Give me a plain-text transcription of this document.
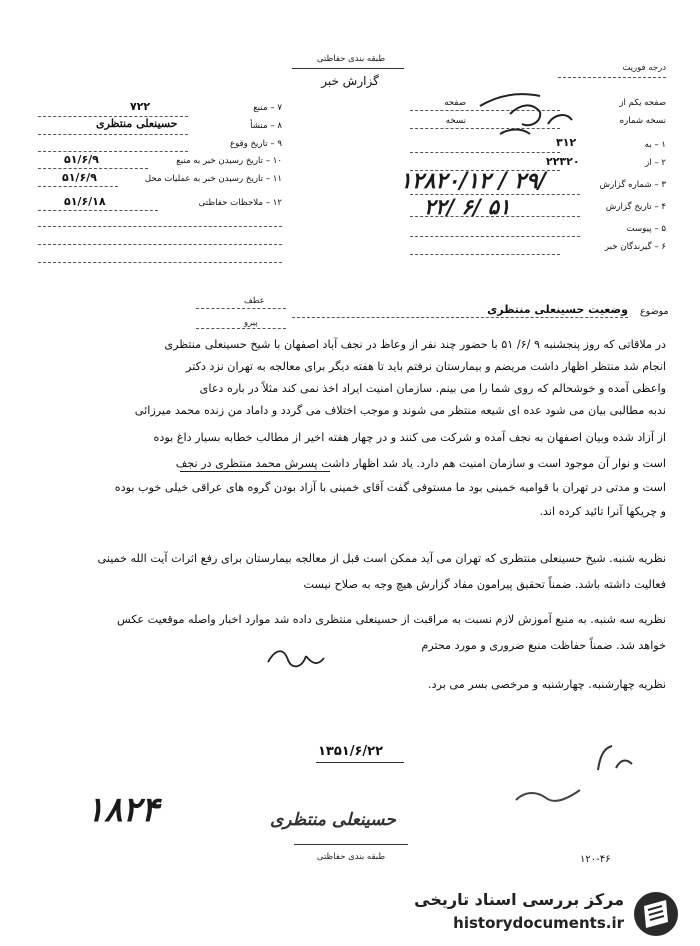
طبقه بندی حفاظتی
گزارش خبر
درجه فوریت
۷ – منبع
۷۲۲
۸ – منشأ
حسینعلی منتظری
۹ – تاریخ وقوع
۱۰ – تاریخ رسیدن خبر به منبع
۵۱/۶/۹
۱۱ – تاریخ رسیدن خبر به عملیات محل
۵۱/۶/۹
۱۲ – ملاحظات حفاظتی
۵۱/۶/۱۸
صفحه یکم از
صفحه
نسخه شماره
نسخه
۱ – به
۳۱۲
۲ – از
۲۲۳۲۰
۳ – شماره گزارش
۱۲۸۲۰/۱۲ / ۲۹/
۴ – تاریخ گزارش
۲۲/ ۶/ ۵۱
۵ – پیوست
۶ – گیرندگان خبر
موضوع
وضعیت حسینعلی منتظری
عطف
پیرو
در ملاقاتی که روز پنجشنبه ۹ /۶/ ۵۱ با حضور چند نفر از وعاظ در نجف آباد اصفهان با شیخ حسینعلی منتظری
انجام شد منتظر اظهار داشت مریضم و بیمارستان نرفتم باید تا هفته دیگر برای معالجه به تهران نزد دکتر
واعظی آمده و خوشحالم که روی شما را می بینم. سازمان امنیت ایراد اخذ نمی کند مثلاً در باره دعای
ندبه مطالبی بیان می شود عده ای شیعه منتظر می شوند و موجب اختلاف می گردد و داماد من زنده محمد میرزائی
از آزاد شده وبیان اصفهان به نجف آمده و شرکت می کنند و در چهار هفته اخیر از مطالب خطابه بسیار داغ بوده
است و نوار آن موجود است و سازمان امنیت هم دارد. یاد شد اظهار داشت پسرش محمد منتظری در نجف
است و مدتی در تهران با قوامیه خمینی بود ما مستوفی گفت آقای خمینی با آزاد بودن گروه های عراقی خیلی خوب بوده
و چریکها آنرا تائید کرده اند.
نظریه شنبه. شیخ حسینعلی منتظری که تهران می آید ممکن است قبل از معالجه بیمارستان برای رفع اثرات آیت الله خمینی
فعالیت داشته باشد. ضمناً تحقیق پیرامون مفاد گزارش هیچ وجه به صلاح نیست
نظریه سه شنبه. به منبع آموزش لازم نسبت به مراقبت از حسینعلی منتظری داده شد موارد اخبار واصله موقعیت عکس
خواهد شد. ضمناً حفاظت منبع ضروری و مورد محترم
نظریه چهارشنبه. چهارشنبه و مرخصی بسر می برد.
۱۳۵۱/۶/۲۲
۱۸۲۴	حسینعلی منتظری
طبقه بندی حفاظتی	۱۲۰-۴۶
مرکز بررسی اسناد تاریخی
historydocuments.ir
